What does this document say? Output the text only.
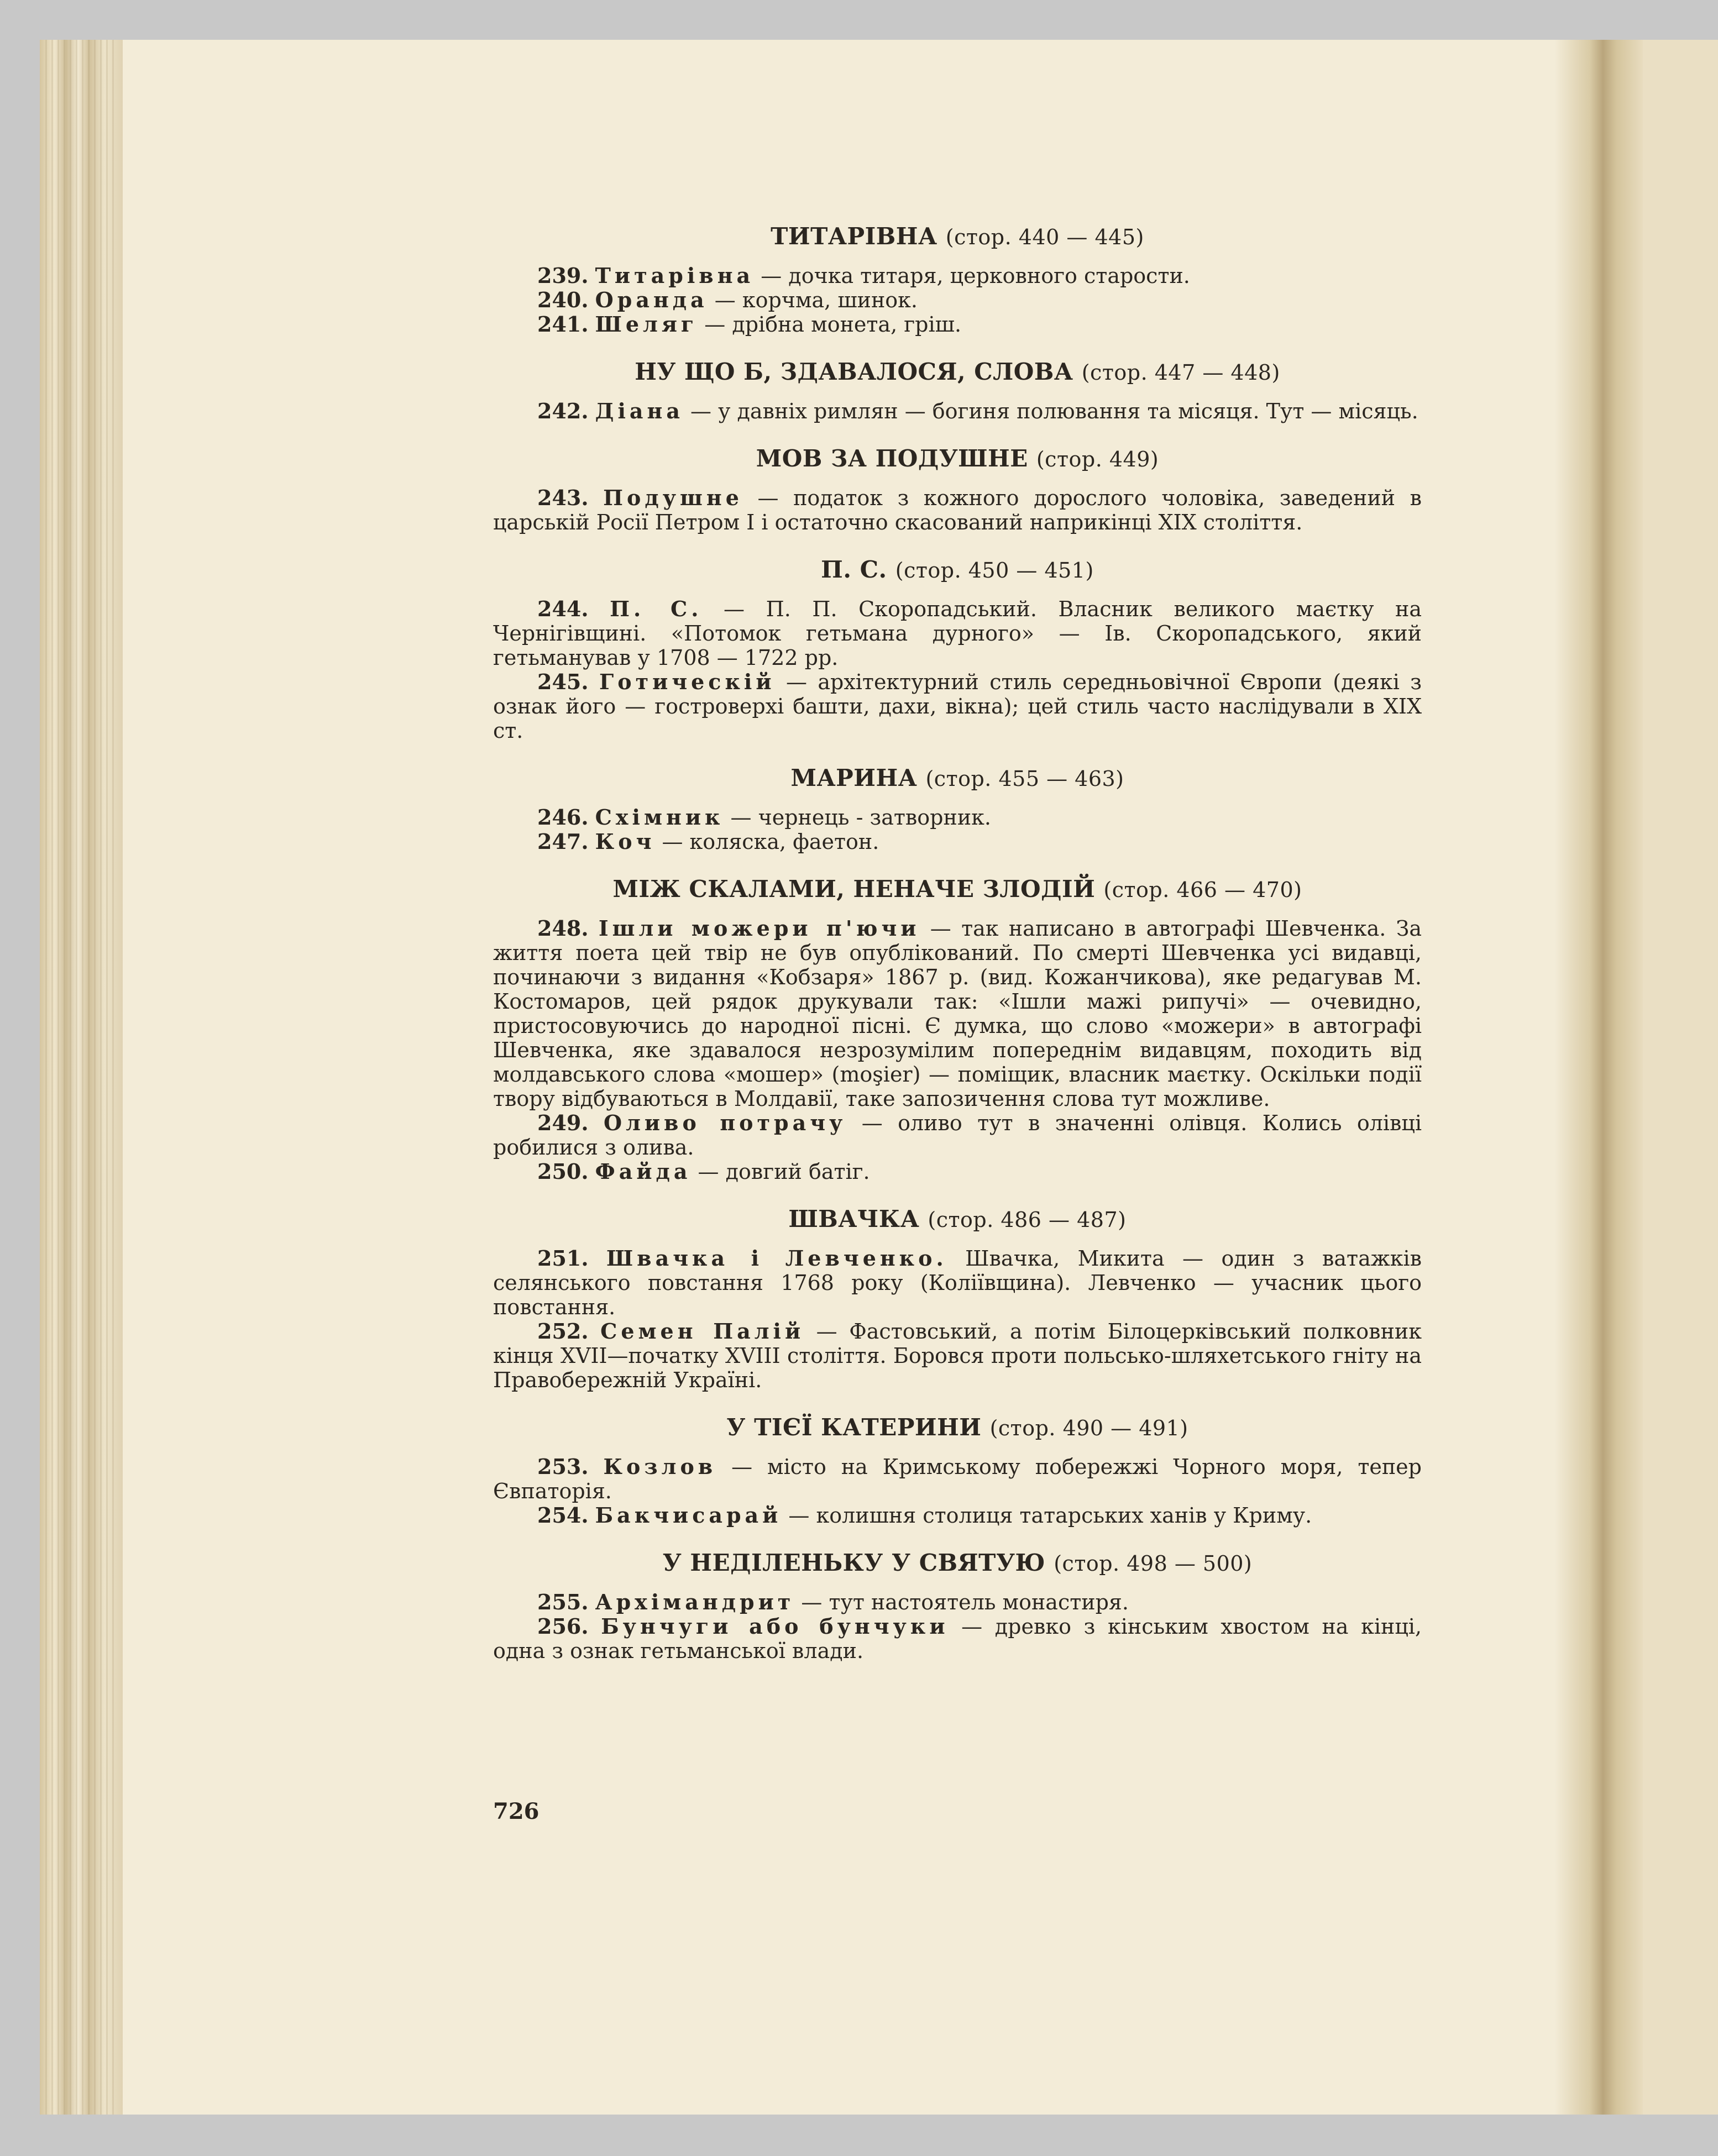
ТИТАРІВНА (стор. 440 — 445)

239. Титарівна — дочка титаря, церковного старости.

240. Оранда — корчма, шинок.

241. Шеляг — дрібна монета, гріш.

НУ ЩО Б, ЗДАВАЛОСЯ, СЛОВА (стор. 447 — 448)

242. Діана — у давніх римлян — богиня полювання та місяця. Тут — місяць.

МОВ ЗА ПОДУШНЕ (стор. 449)

243. Подушне — податок з кожного дорослого чоловіка, заведений в царській Росії Петром І і остаточно скасований наприкінці XIX століття.

П. С. (стор. 450 — 451)

244. П. С. — П. П. Скоропадський. Власник великого маєтку на Чернігівщині. «Потомок гетьмана дурного» — Ів. Скоропадського, який гетьманував у 1708 — 1722 рр.

245. Готическій — архітектурний стиль середньовічної Європи (деякі з ознак його — гостроверхі башти, дахи, вікна); цей стиль часто наслідували в XIX ст.

МАРИНА (стор. 455 — 463)

246. Схімник — чернець - затворник.

247. Коч — коляска, фаетон.

МІЖ СКАЛАМИ, НЕНАЧЕ ЗЛОДІЙ (стор. 466 — 470)

248. Ішли можери п'ючи — так написано в автографі Шевченка. За життя поета цей твір не був опублікований. По смерті Шевченка усі видавці, починаючи з видання «Кобзаря» 1867 р. (вид. Кожанчикова), яке редагував М. Костомаров, цей рядок друкували так: «Ішли мажі рипучі» — очевидно, пристосовуючись до народної пісні. Є думка, що слово «можери» в автографі Шевченка, яке здавалося незрозумілим попереднім видавцям, походить від молдавського слова «мошер» (moşier) — поміщик, власник маєтку. Оскільки події твору відбуваються в Молдавії, таке запозичення слова тут можливе.

249. Оливо потрачу — оливо тут в значенні олівця. Колись олівці робилися з олива.

250. Файда — довгий батіг.

ШВАЧКА (стор. 486 — 487)

251. Швачка і Левченко. Швачка, Микита — один з ватажків селянського повстання 1768 року (Коліївщина). Левченко — учасник цього повстання.

252. Семен Палій — Фастовський, а потім Білоцерківський полковник кінця XVII—початку XVIII століття. Боровся проти польсько-шляхетського гніту на Правобережній Україні.

У ТІЄЇ КАТЕРИНИ (стор. 490 — 491)

253. Козлов — місто на Кримському побережжі Чорного моря, тепер Євпаторія.

254. Бакчисарай — колишня столиця татарських ханів у Криму.

У НЕДІЛЕНЬКУ У СВЯТУЮ (стор. 498 — 500)

255. Архімандрит — тут настоятель монастиря.

256. Бунчуги або бунчуки — древко з кінським хвостом на кінці, одна з ознак гетьманської влади.

726
